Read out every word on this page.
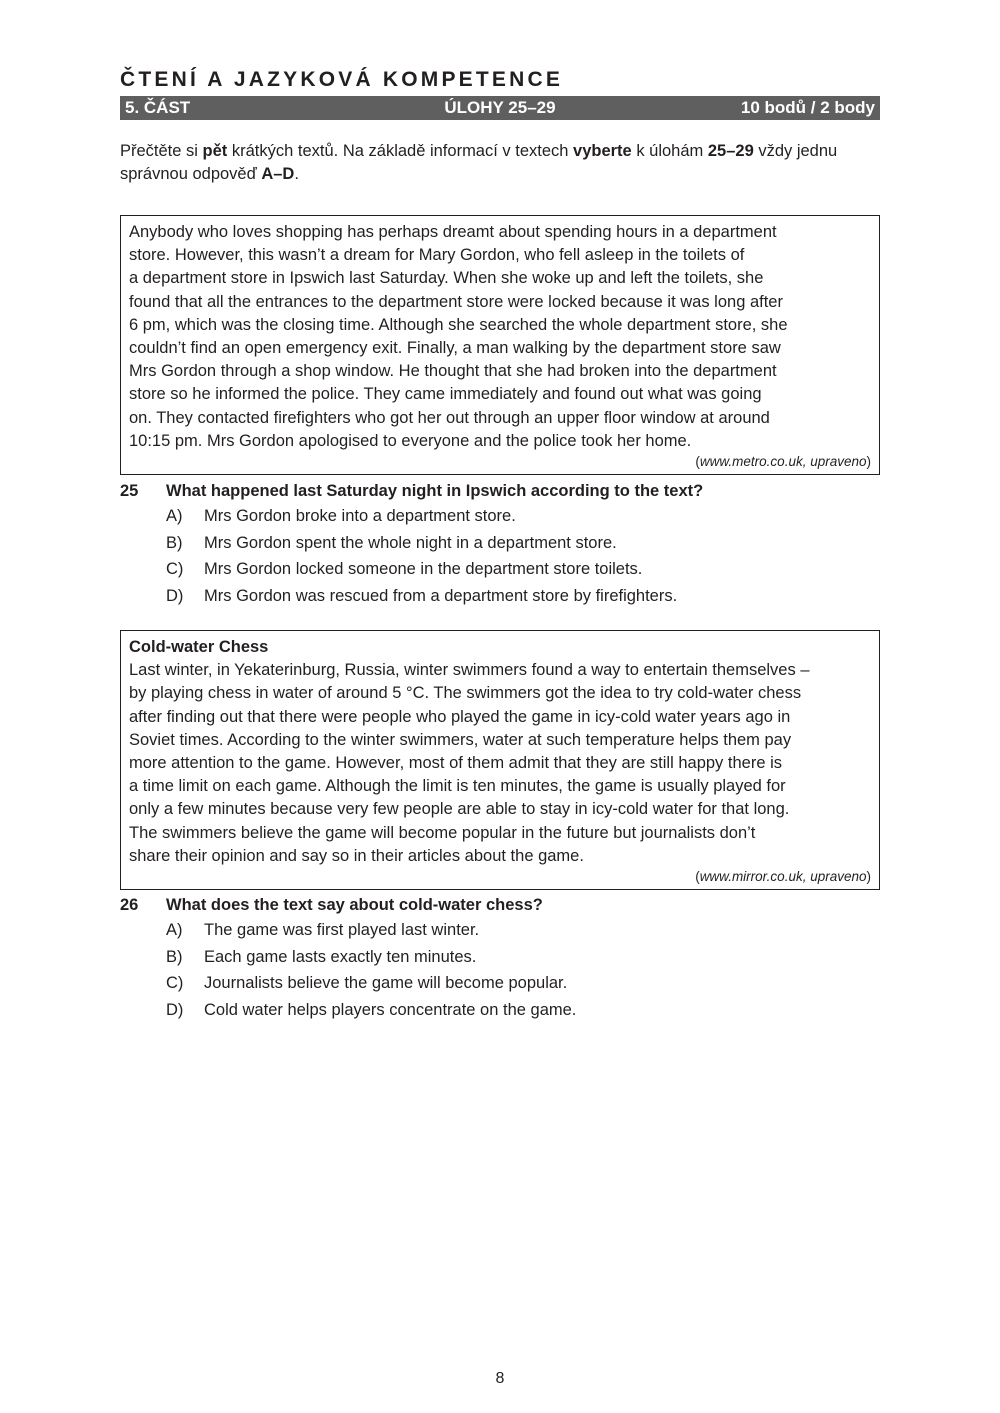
ČTENÍ A JAZYKOVÁ KOMPETENCE
5. ČÁST	ÚLOHY 25–29	10 bodů / 2 body
Přečtěte si pět krátkých textů. Na základě informací v textech vyberte k úlohám 25–29 vždy jednu správnou odpověď A–D.
Anybody who loves shopping has perhaps dreamt about spending hours in a department
store. However, this wasn’t a dream for Mary Gordon, who fell asleep in the toilets of
a department store in Ipswich last Saturday. When she woke up and left the toilets, she
found that all the entrances to the department store were locked because it was long after
6 pm, which was the closing time. Although she searched the whole department store, she
couldn’t find an open emergency exit. Finally, a man walking by the department store saw
Mrs Gordon through a shop window. He thought that she had broken into the department
store so he informed the police. They came immediately and found out what was going
on. They contacted firefighters who got her out through an upper floor window at around
10:15 pm. Mrs Gordon apologised to everyone and the police took her home.
(www.metro.co.uk, upraveno)
25 What happened last Saturday night in Ipswich according to the text?
A) Mrs Gordon broke into a department store.
B) Mrs Gordon spent the whole night in a department store.
C) Mrs Gordon locked someone in the department store toilets.
D) Mrs Gordon was rescued from a department store by firefighters.
Cold-water Chess
Last winter, in Yekaterinburg, Russia, winter swimmers found a way to entertain themselves –
by playing chess in water of around 5 °C. The swimmers got the idea to try cold-water chess
after finding out that there were people who played the game in icy-cold water years ago in
Soviet times. According to the winter swimmers, water at such temperature helps them pay
more attention to the game. However, most of them admit that they are still happy there is
a time limit on each game. Although the limit is ten minutes, the game is usually played for
only a few minutes because very few people are able to stay in icy-cold water for that long.
The swimmers believe the game will become popular in the future but journalists don’t
share their opinion and say so in their articles about the game.
(www.mirror.co.uk, upraveno)
26 What does the text say about cold-water chess?
A) The game was first played last winter.
B) Each game lasts exactly ten minutes.
C) Journalists believe the game will become popular.
D) Cold water helps players concentrate on the game.
8
